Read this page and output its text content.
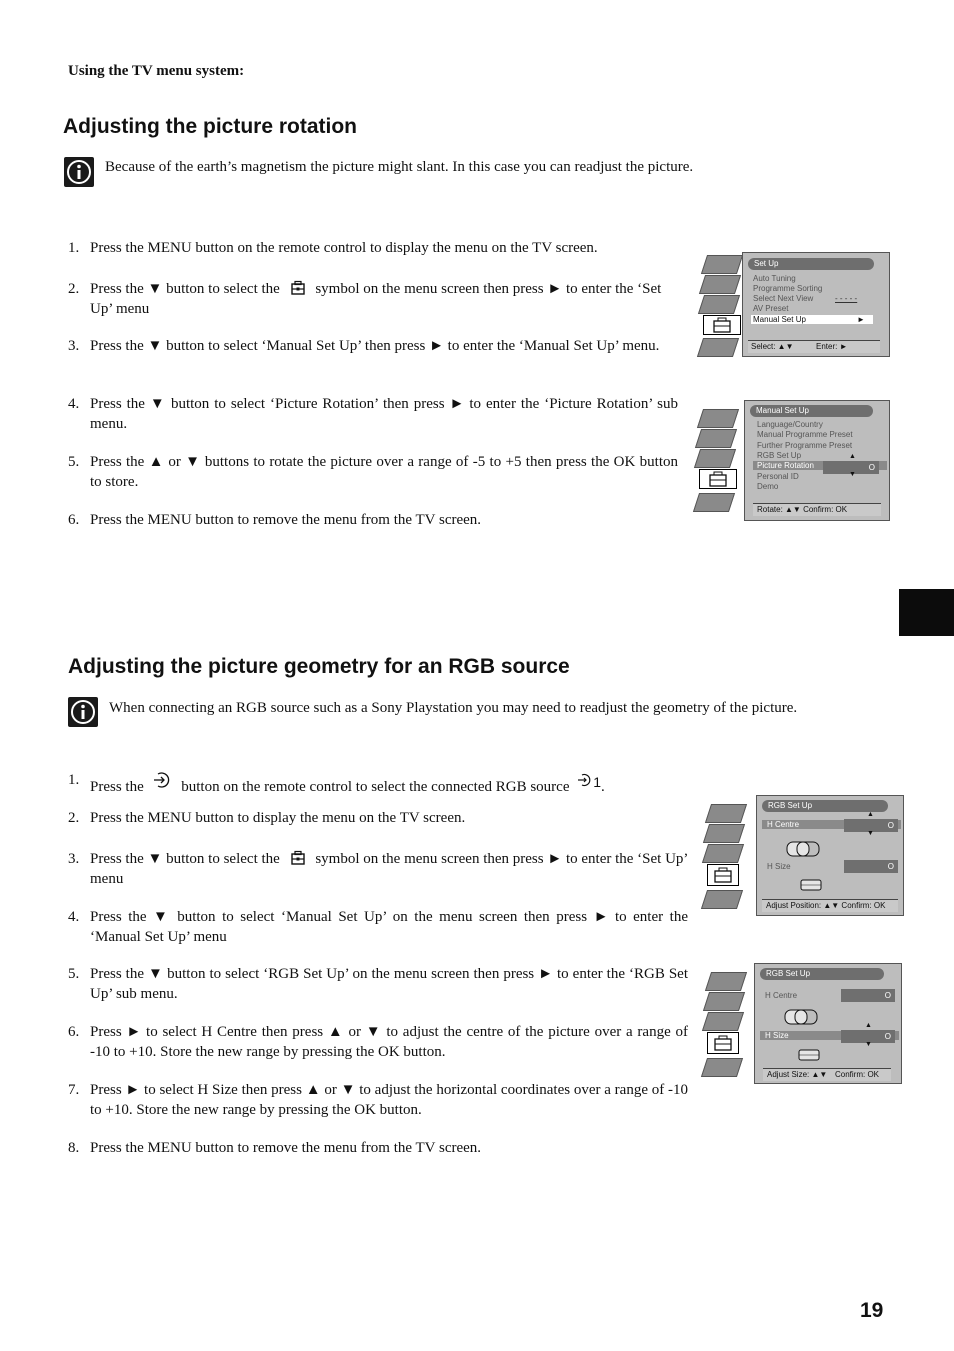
Using the TV menu system:
Adjusting the picture rotation
Because of the earth’s magnetism the picture might slant. In this case you can readjust the picture.
1. Press the MENU button on the remote control to display the menu on the TV screen.
2. Press the ▼ button to select the symbol on the menu screen then press ► to enter the ‘Set Up’ menu
3. Press the ▼ button to select ‘Manual Set Up’ then press ► to enter the ‘Manual Set Up’ menu.
4. Press the ▼ button to select ‘Picture Rotation’ then press ► to enter the ‘Picture Rotation’ sub menu.
5. Press the ▲ or ▼ buttons to rotate the picture over a range of -5 to +5 then press the OK button to store.
6. Press the MENU button to remove the menu from the TV screen.
Set Up
Auto Tuning
Programme Sorting
Select Next View	- - - - -
AV Preset
Manual Set Up	►
Select: ▲▼	Enter: ►
Manual Set Up
Language/Country
Manual Programme Preset
Further Programme Preset
RGB Set Up
Picture Rotation	O
▲
▼
Personal ID
Demo
Rotate: ▲▼ Confirm: OK
Adjusting the picture geometry for an RGB source
When connecting an RGB source such as a Sony Playstation you may need to readjust the geometry of the picture.
1. Press the	button on the remote control to select the connected RGB source 1.
2. Press the MENU button to display the menu on the TV screen.
3. Press the ▼ button to select the symbol on the menu screen then press ► to enter the ‘Set Up’ menu
4. Press the ▼ button to select ‘Manual Set Up’ on the menu screen then press ► to enter the ‘Manual Set Up’ menu
5. Press the ▼ button to select ‘RGB Set Up’ on the menu screen then press ► to enter the ‘RGB Set Up’ sub menu.
6. Press ► to select H Centre then press ▲ or ▼ to adjust the centre of the picture over a range of -10 to +10. Store the new range by pressing the OK button.
7. Press ► to select H Size then press ▲ or ▼ to adjust the horizontal coordinates over a range of -10 to +10. Store the new range by pressing the OK button.
8. Press the MENU button to remove the menu from the TV screen.
RGB Set Up
H Centre	O
▲
▼
H Size	O
Adjust Position: ▲▼ Confirm: OK
RGB Set Up
H Centre	O
H Size	O
▲
▼
Adjust Size: ▲▼ Confirm: OK
19
